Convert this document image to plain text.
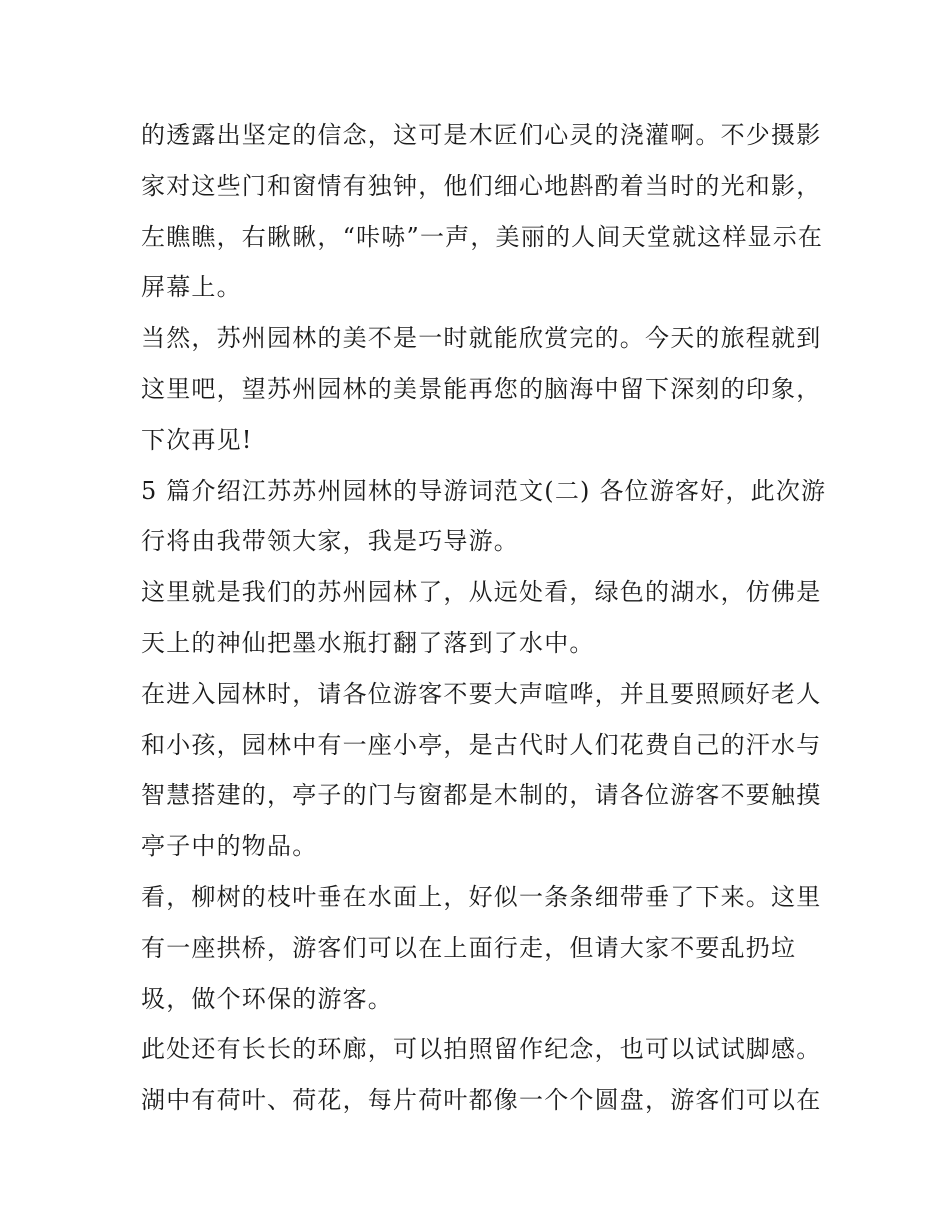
的透露出坚定的信念，这可是木匠们心灵的浇灌啊。不少摄影
家对这些门和窗情有独钟，他们细心地斟酌着当时的光和影，
左瞧瞧，右瞅瞅，“咔哧”一声，美丽的人间天堂就这样显示在
屏幕上。
当然，苏州园林的美不是一时就能欣赏完的。今天的旅程就到
这里吧，望苏州园林的美景能再您的脑海中留下深刻的印象，
下次再见!
5 篇介绍江苏苏州园林的导游词范文(二) 各位游客好，此次游
行将由我带领大家，我是巧导游。
这里就是我们的苏州园林了，从远处看，绿色的湖水，仿佛是
天上的神仙把墨水瓶打翻了落到了水中。
在进入园林时，请各位游客不要大声喧哗，并且要照顾好老人
和小孩，园林中有一座小亭，是古代时人们花费自己的汗水与
智慧搭建的，亭子的门与窗都是木制的，请各位游客不要触摸
亭子中的物品。
看，柳树的枝叶垂在水面上，好似一条条细带垂了下来。这里
有一座拱桥，游客们可以在上面行走，但请大家不要乱扔垃
圾，做个环保的游客。
此处还有长长的环廊，可以拍照留作纪念，也可以试试脚感。
湖中有荷叶、荷花，每片荷叶都像一个个圆盘，游客们可以在
